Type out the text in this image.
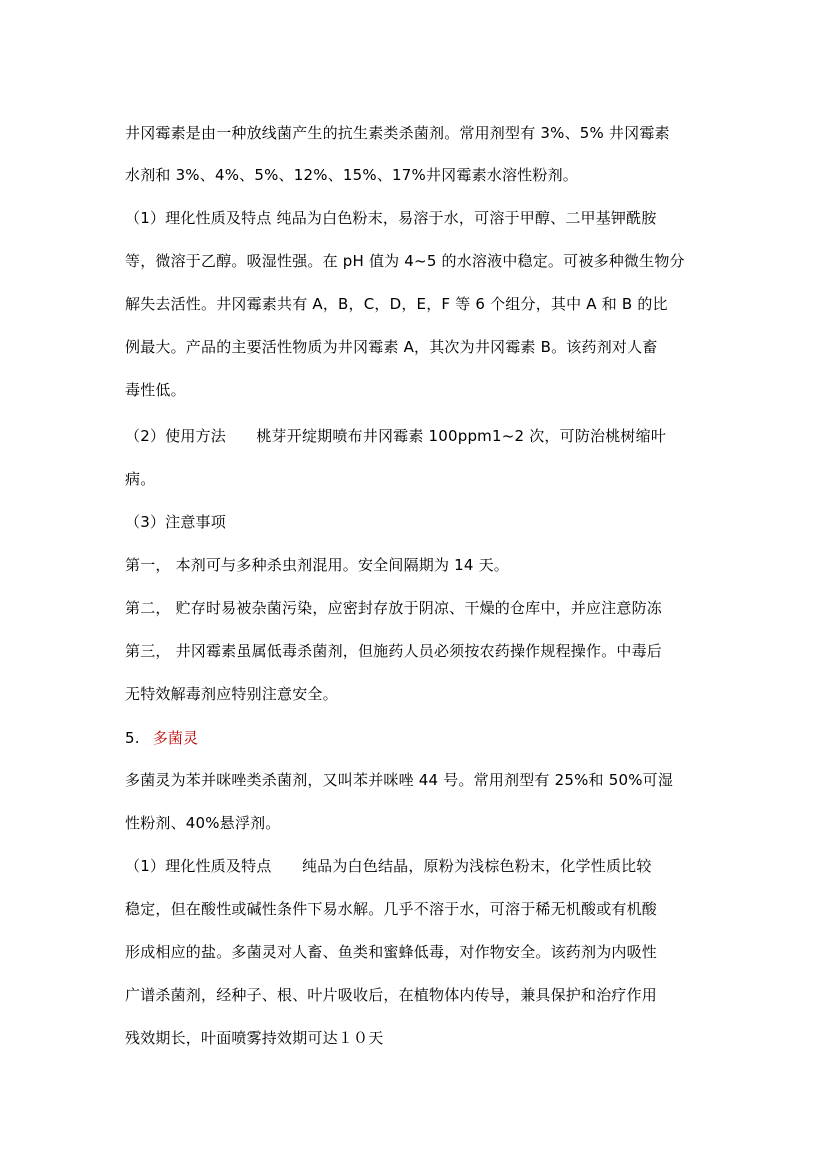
井冈霉素是由一种放线菌产生的抗生素类杀菌剂。常用剂型有 3%、5% 井冈霉素
水剂和 3%、4%、5%、12%、15%、17%井冈霉素水溶性粉剂。
（1）理化性质及特点 纯品为白色粉末，易溶于水，可溶于甲醇、二甲基钾酰胺
等，微溶于乙醇。吸湿性强。在 pH 值为 4~5 的水溶液中稳定。可被多种微生物分
解失去活性。井冈霉素共有 A，B，C，D，E，F 等 6 个组分，其中 A 和 B 的比
例最大。产品的主要活性物质为井冈霉素 A，其次为井冈霉素 B。该药剂对人畜
毒性低。
（2）使用方法　　桃芽开绽期喷布井冈霉素 100ppm1~2 次，可防治桃树缩叶
病。
（3）注意事项
第一， 本剂可与多种杀虫剂混用。安全间隔期为 14 天。
第二， 贮存时易被杂菌污染，应密封存放于阴凉、干燥的仓库中，并应注意防冻
第三， 井冈霉素虽属低毒杀菌剂，但施药人员必须按农药操作规程操作。中毒后
无特效解毒剂应特别注意安全。
5. 多菌灵
多菌灵为苯并咪唑类杀菌剂，又叫苯并咪唑 44 号。常用剂型有 25%和 50%可湿
性粉剂、40%悬浮剂。
（1）理化性质及特点　　纯品为白色结晶，原粉为浅棕色粉末，化学性质比较
稳定，但在酸性或碱性条件下易水解。几乎不溶于水，可溶于稀无机酸或有机酸
形成相应的盐。多菌灵对人畜、鱼类和蜜蜂低毒，对作物安全。该药剂为内吸性
广谱杀菌剂，经种子、根、叶片吸收后，在植物体内传导，兼具保护和治疗作用
残效期长，叶面喷雾持效期可达１０天
